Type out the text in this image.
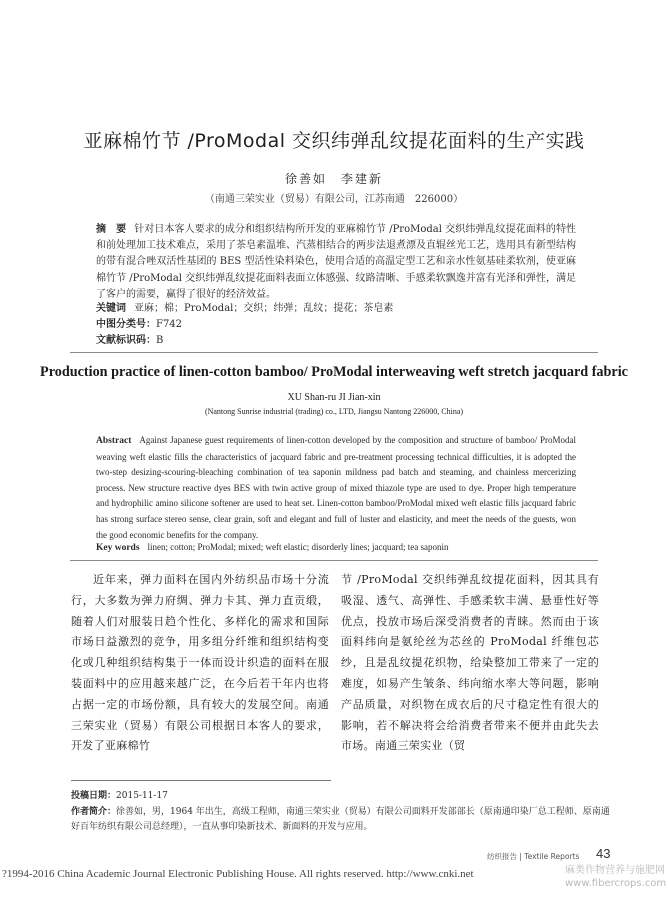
亚麻棉竹节 /ProModal 交织纬弹乱纹提花面料的生产实践
徐善如　李建新
（南通三荣实业（贸易）有限公司，江苏南通　226000）
摘　要 针对日本客人要求的成分和组织结构所开发的亚麻棉竹节 /ProModal 交织纬弹乱纹提花面料的特性和前处理加工技术难点，采用了茶皂素温堆、汽蒸相结合的两步法退煮漂及直辊丝光工艺，选用具有新型结构的带有混合唑双活性基团的 BES 型活性染料染色，使用合适的高温定型工艺和亲水性氨基硅柔软剂，使亚麻棉竹节 /ProModal 交织纬弹乱纹提花面料表面立体感强、纹路清晰、手感柔软飘逸并富有光泽和弹性，满足了客户的需要，赢得了很好的经济效益。
关键词 亚麻；棉；ProModal；交织；纬弹；乱纹；提花；茶皂素
中图分类号：F742
文献标识码：B
Production practice of linen-cotton bamboo/ ProModal interweaving weft stretch jacquard fabric
XU Shan-ru JI Jian-xin
(Nantong Sunrise industrial (trading) co., LTD, Jiangsu Nantong 226000, China)
Abstract Against Japanese guest requirements of linen-cotton developed by the composition and structure of bamboo/ ProModal weaving weft elastic fills the characteristics of jacquard fabric and pre-treatment processing technical difficulties, it is adopted the two-step desizing-scouring-bleaching combination of tea saponin mildness pad batch and steaming, and chainless mercerizing process. New structure reactive dyes BES with twin active group of mixed thiazole type are used to dye. Proper high temperature and hydrophilic amino silicone softener are used to heat set. Linen-cotton bamboo/ProModal mixed weft elastic fills jacquard fabric has strong surface stereo sense, clear grain, soft and elegant and full of luster and elasticity, and meet the needs of the guests, won the good economic benefits for the company.
Key words linen; cotton; ProModal; mixed; weft elastic; disorderly lines; jacquard; tea saponin
近年来，弹力面料在国内外纺织品市场十分流行，大多数为弹力府绸、弹力卡其、弹力直贡缎，随着人们对服装日趋个性化、多样化的需求和国际市场日益激烈的竞争，用多组分纤维和组织结构变化或几种组织结构集于一体而设计织造的面料在服装面料中的应用越来越广泛，在今后若干年内也将占据一定的市场份额，具有较大的发展空间。南通三荣实业（贸易）有限公司根据日本客人的要求，开发了亚麻棉竹
节 /ProModal 交织纬弹乱纹提花面料，因其具有吸湿、透气、高弹性、手感柔软丰满、悬垂性好等优点，投放市场后深受消费者的青睐。然而由于该面料纬向是氨纶丝为芯丝的 ProModal 纤维包芯纱，且是乱纹提花织物，给染整加工带来了一定的难度，如易产生皱条、纬向缩水率大等问题，影响产品质量，对织物在成衣后的尺寸稳定性有很大的影响，若不解决将会给消费者带来不便并由此失去市场。南通三荣实业（贸
投稿日期：2015-11-17
作者简介：徐善如，男，1964 年出生，高级工程师，南通三荣实业（贸易）有限公司面料开发部部长（原南通印染厂总工程师、原南通好百年纺织有限公司总经理），一直从事印染新技术、新面料的开发与应用。
纺织报告 | Textile Reports 43
?1994-2016 China Academic Journal Electronic Publishing House. All rights reserved. http://www.cnki.net	麻类作物营养与施肥网
www.fibercrops.com
